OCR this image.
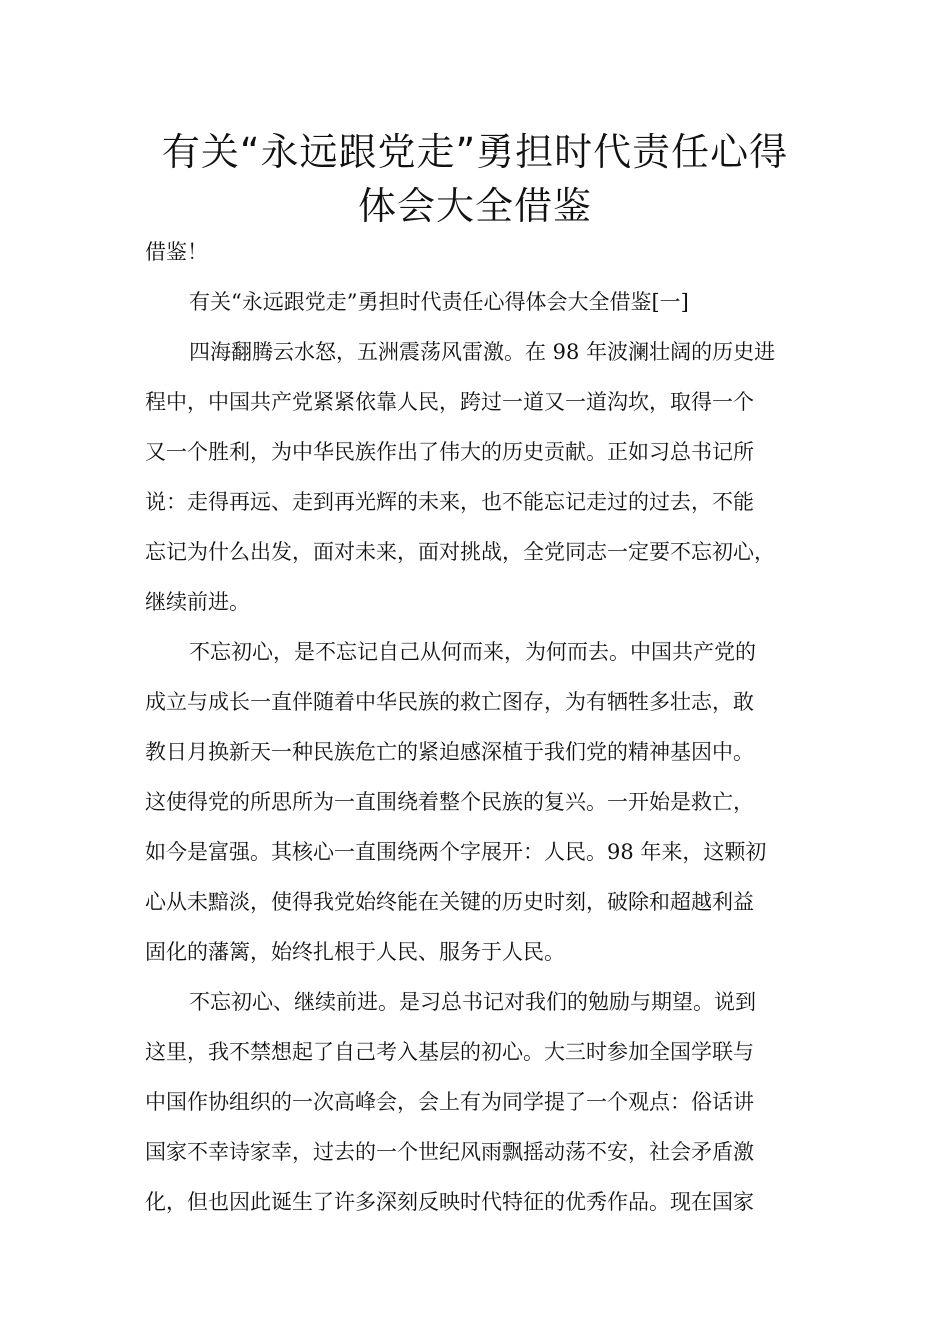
有关“永远跟党走”勇担时代责任心得
体会大全借鉴
借鉴！
有关“永远跟党走”勇担时代责任心得体会大全借鉴[一]
四海翻腾云水怒，五洲震荡风雷激。在 98 年波澜壮阔的历史进
程中，中国共产党紧紧依靠人民，跨过一道又一道沟坎，取得一个
又一个胜利，为中华民族作出了伟大的历史贡献。正如习总书记所
说：走得再远、走到再光辉的未来，也不能忘记走过的过去，不能
忘记为什么出发，面对未来，面对挑战，全党同志一定要不忘初心，
继续前进。
不忘初心，是不忘记自己从何而来，为何而去。中国共产党的
成立与成长一直伴随着中华民族的救亡图存，为有牺牲多壮志，敢
教日月换新天一种民族危亡的紧迫感深植于我们党的精神基因中。
这使得党的所思所为一直围绕着整个民族的复兴。一开始是救亡，
如今是富强。其核心一直围绕两个字展开：人民。98 年来，这颗初
心从未黯淡，使得我党始终能在关键的历史时刻，破除和超越利益
固化的藩篱，始终扎根于人民、服务于人民。
不忘初心、继续前进。是习总书记对我们的勉励与期望。说到
这里，我不禁想起了自己考入基层的初心。大三时参加全国学联与
中国作协组织的一次高峰会，会上有为同学提了一个观点：俗话讲
国家不幸诗家幸，过去的一个世纪风雨飘摇动荡不安，社会矛盾激
化，但也因此诞生了许多深刻反映时代特征的优秀作品。现在国家
